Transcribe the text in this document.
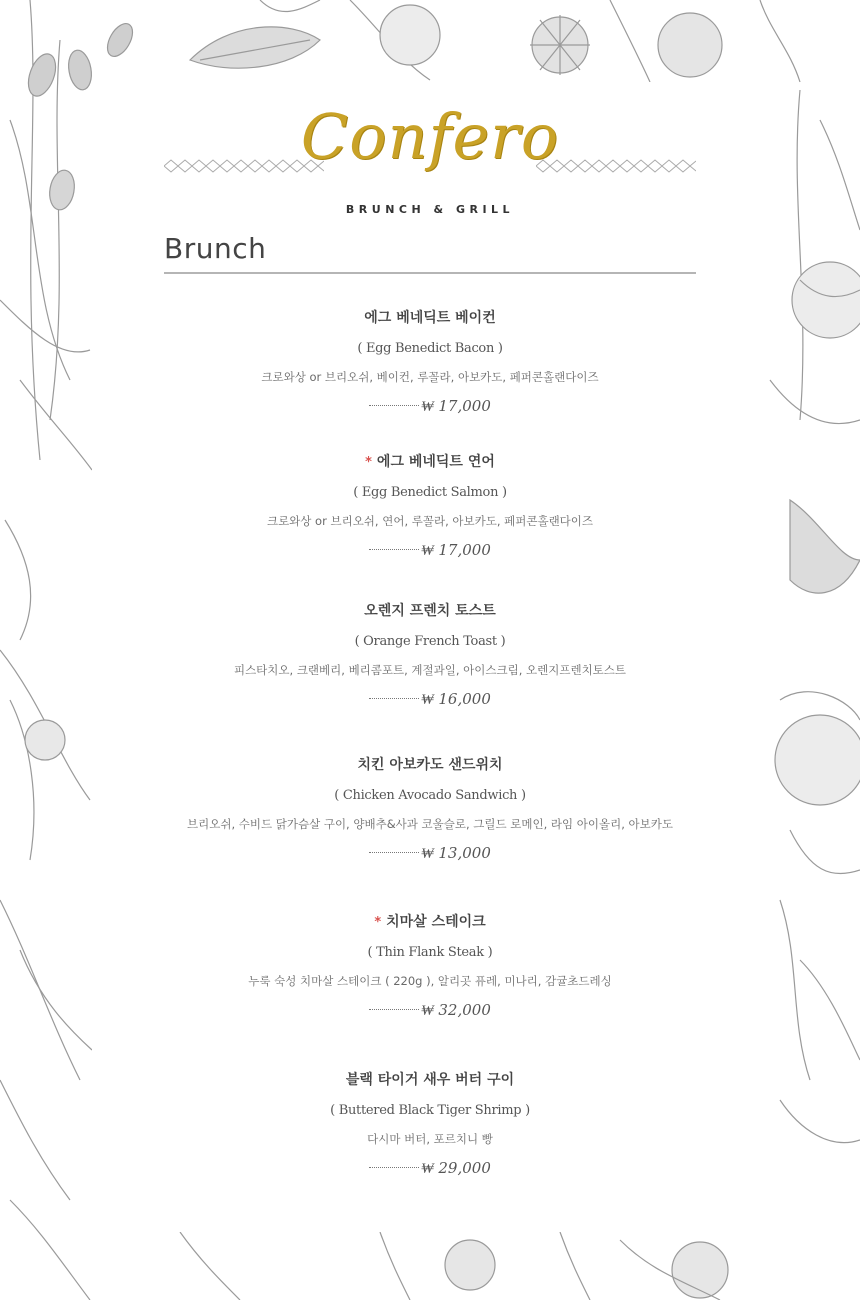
Confero
BRUNCH & GRILL
Brunch
에그 베네딕트 베이컨
( Egg Benedict Bacon )
크로와상 or 브리오쉬, 베이컨, 루꼴라, 아보카도, 페퍼콘홀랜다이즈
₩ 17,000
* 에그 베네딕트 연어
( Egg Benedict Salmon )
크로와상 or 브리오쉬, 연어, 루꼴라, 아보카도, 페퍼콘홀랜다이즈
₩ 17,000
오렌지 프렌치 토스트
( Orange French Toast )
피스타치오, 크랜베리, 베리콤포트, 계절과일, 아이스크림, 오렌지프렌치토스트
₩ 16,000
치킨 아보카도 샌드위치
( Chicken Avocado Sandwich )
브리오쉬, 수비드 닭가슴살 구이, 양배추&사과 코울슬로, 그릴드 로메인, 라임 아이올리, 아보카도
₩ 13,000
* 치마살 스테이크
( Thin Flank Steak )
누룩 숙성 치마살 스테이크 ( 220g ), 알리곳 퓨레, 미나리, 감귤초드레싱
₩ 32,000
블랙 타이거 새우 버터 구이
( Buttered Black Tiger Shrimp )
다시마 버터, 포르치니 빵
₩ 29,000
